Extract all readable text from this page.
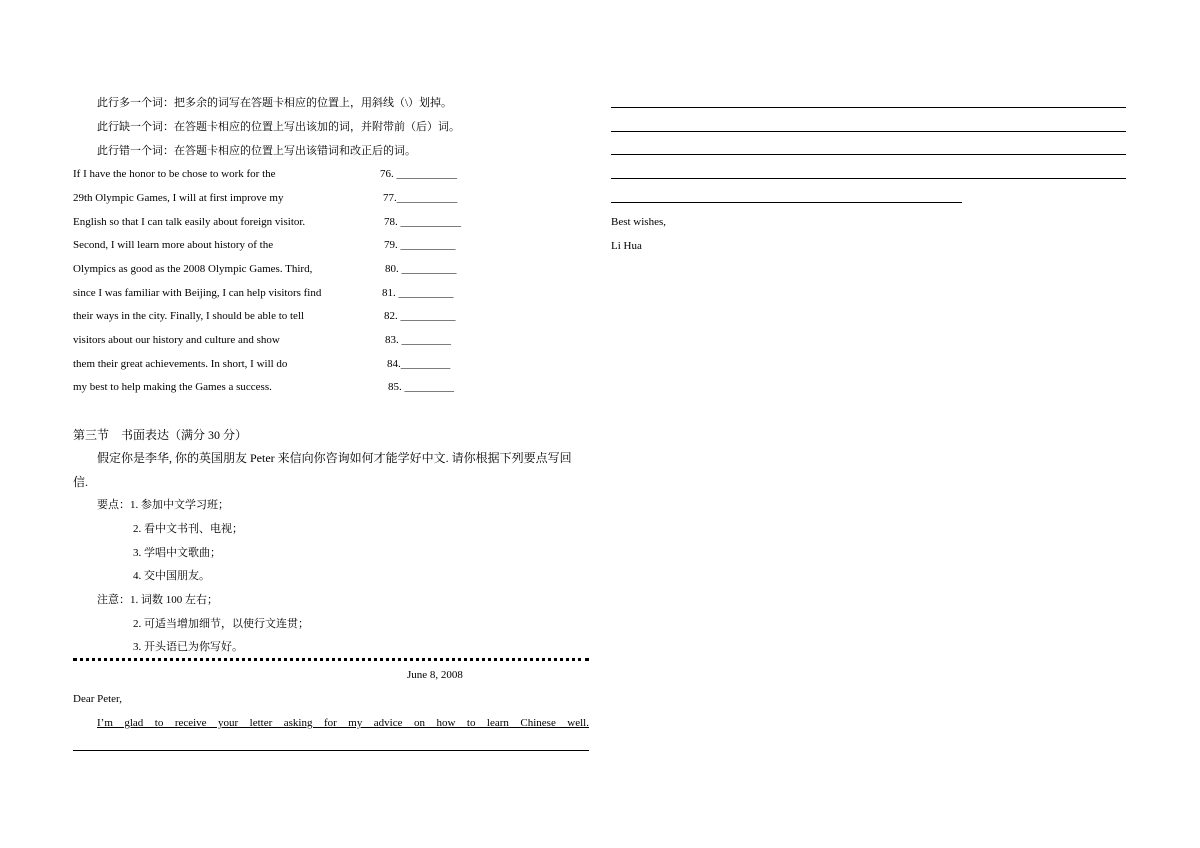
此行多一个词：把多余的词写在答题卡相应的位置上，用斜线（\）划掉。
此行缺一个词：在答题卡相应的位置上写出该加的词，并附带前（后）词。
此行错一个词：在答题卡相应的位置上写出该错词和改正后的词。
If I have the honor to be chose to work for the	76. ___________
29th Olympic Games, I will at first improve my	77.___________
English so that I can talk easily about foreign visitor.	78. ___________
Second, I will learn more about history of the	79. __________
Olympics as good as the 2008 Olympic Games. Third,	80. __________
since I was familiar with Beijing, I can help visitors find	81. __________
their ways in the city. Finally, I should be able to tell	82. __________
visitors about our history and culture and show	83. _________
them their great achievements. In short, I will do	84._________
my best to help making the Games a success.	85. _________
第三节　书面表达（满分 30 分）
假定你是李华, 你的英国朋友 Peter 来信向你咨询如何才能学好中文. 请你根据下列要点写回
信.
要点：1. 参加中文学习班；
2. 看中文书刊、电视；
3. 学唱中文歌曲；
4. 交中国朋友。
注意：1. 词数 100 左右；
2. 可适当增加细节，以使行文连贯；
3. 开头语已为你写好。
June 8, 2008
Dear Peter,
I’m glad to receive your letter asking for my advice on how to learn Chinese well.
Best wishes,
Li Hua
